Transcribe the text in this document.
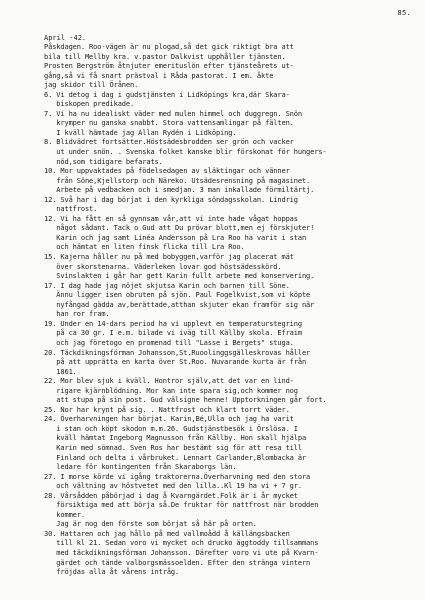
85.
April -42.
Påskdagen. Roo-vägen är nu plogad,så det gick riktigt bra att
bila till Mellby kra. v.pastor Dalkvist upphåller tjänsten.
Prosten Bergström åtnjuter emerituslön efter tjänsteårets ut-
gång,så vi få snart prästval i Råda pastorat. I em. åkte
jag skidor till Örånen.
6. Vi detog i dag i gudstjänsten i Lidköpings kra,där Skara-
biskopen predikade.
7. Vi ha nu idealiskt väder med mulen himmel och duggregn. Snön
krymper nu ganska snabbt. Stora vattensamlingar på fälten.
I kväll hämtade jag Allan Rydén i Lidköping.
8. Blidvädret fortsätter.Höstsädesbrodden ser grön och vacker
ut under snön. . Svenska folket kanske blir förskonat för hungers-
nöd,som tidigare befarats.
10. Mor uppvaktades på födelsedagen av släktingar och vänner
från Söne,Kjellstorp och Näreko. Utsädesrensning på magasinet.
Arbete på vedbacken och i smedjan. 3 man inkallade förmiltärtj.
12. Svå har i dag börjat i den kyrkliga söndagsskolan. Lindrig
nattfrost.
12. Vi ha fått en så gynnsam vår,att vi inte hade vågat hoppas
något sådant. Tack o Gud att Du prövar blott,men ej förskjuter!
Karin och jag samt Linéa Andersson på Lra Roo ha varit i stan
och hämtat en liten finsk flicka till Lra Roo.
15. Kajerna håller nu på med bobyggen,varför jag placerat mät
över skorstenarna. Väderleken lovar god höstsädesskörd.
Svinslakten i går har gett Karin fullt arbete med konservering.
17. I dag hade jag nöjet skjutsa Karin och barnen till Söne.
Ännu ligger isen obruten på sjön. Paul Fogelkvist,som vi köpte
nyfångad gädda av,berättade,atthan skjuter ekan framför sig när
han ror fram.
19. Under en 14-dars period ha vi upplevt en temperaturstegring
på ca 30 gr. I e.m. bilade vi iväg till Källby skola. Efraim
och jag företogo en promenad till "Lasse i Bergets" stuga.
20. Täckdikningsförman Johansson,St.Ruoolinggsgälleskrovas håller
på att upprätta en karta över St.Roo. Nuvarande kurta är från
1861.
22. Mor blev sjuk i kväll. Hontror själv,att det var en lind-
rigare kjärnblödning. Mor kan inte spara sig,och kommer nog
att stupa på sin post. Gud välsigne henne! Upptorkningen går fort.
25. Nor har krynt på sig. . Nattfrost och klart torrt väder.
24. Överharvningen har börjat. Karin,Bé,Ulla och jag ha varit
i stan och köpt skodon m.m.26. Gudstjänstbesök i Örslösa. I
kväll hämtat Ingeborg Magnusson från Källby. Hon skall hjälpa
Karin med sömnad. Sven Ros har bestämt sig för att resa till
Finland och delta i vårbruket. Lennart Carlander,Blombacka är
ledare för kontingenten från Skaraborgs län.
27. I morse körde vi igång traktorerna.Överharvning med den stora
och vältning av höstvetet med den lilla..Kl 19 ha vi + 7 gr.
28. Vårsådden påbörjad i dag å Kvarngärdet.Folk är i år mycket
försiktiga med att börja så.De fruktar för nattfrost när brodden
kommer.
Jag är nog den förste som börjat så här på orten.
30. Hattaren och jag hållo på med vallmoådd å källängsbacken
till kl 21. Sedan voro vi mycket och drucko äggtoddy tillsammans
med täckdikningsförman Johansson. Därefter voro vi ute på Kvarn-
gärdet och tände valborgsmässoelden. Efter den stränga vintern
fröjdas alla åt vårens intråg.
